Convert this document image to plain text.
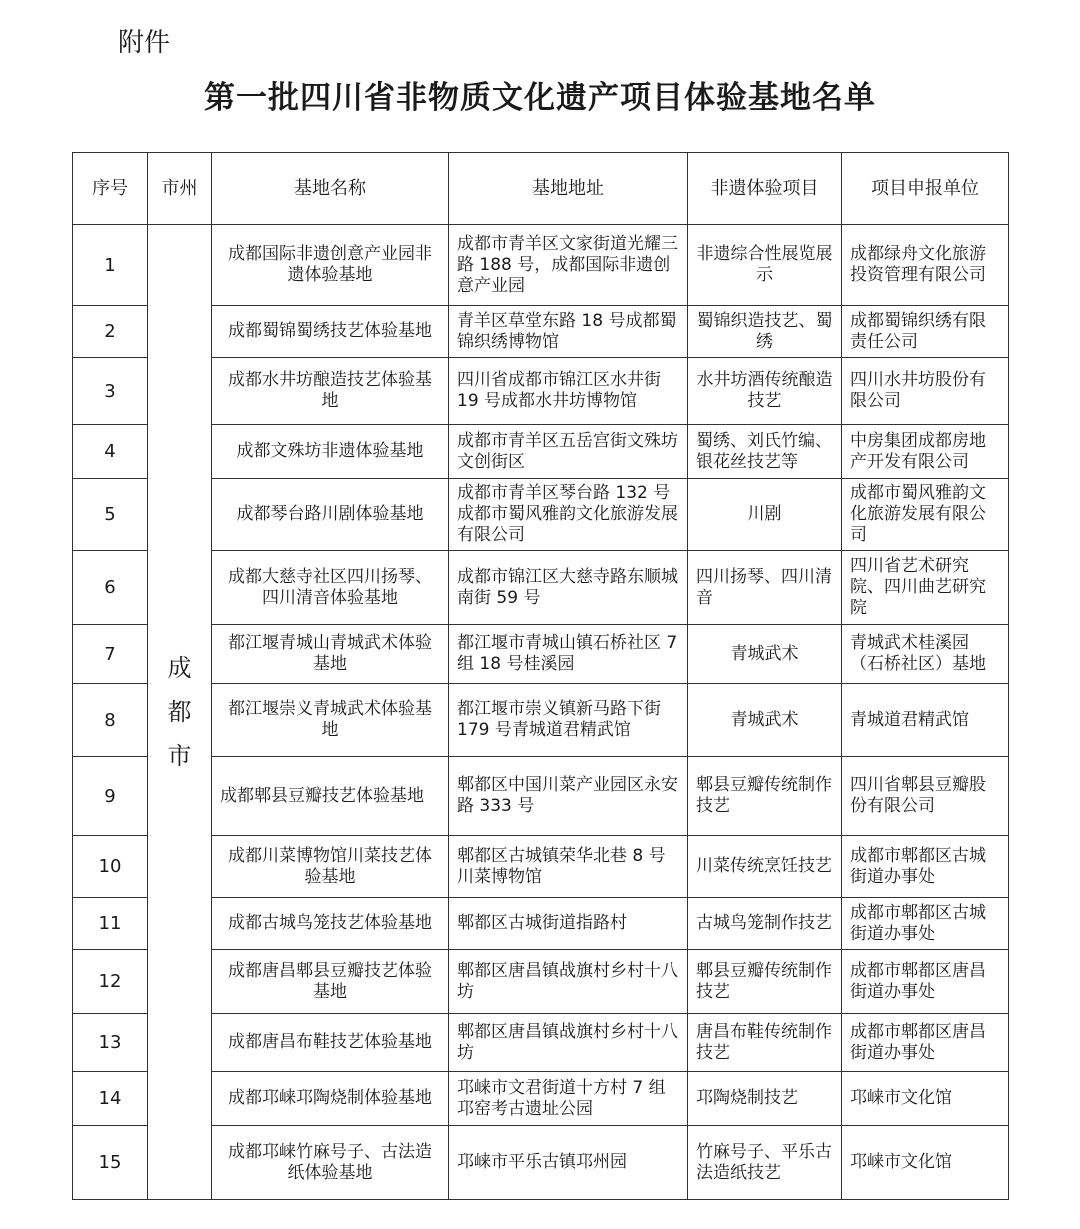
附件
第一批四川省非物质文化遗产项目体验基地名单
序号	市州	基地名称	基地地址	非遗体验项目	项目申报单位
1	成都市	成都国际非遗创意产业园非遗体验基地	成都市青羊区文家街道光耀三路 188 号，成都国际非遗创意产业园	非遗综合性展览展示	成都绿舟文化旅游投资管理有限公司
2		成都蜀锦蜀绣技艺体验基地	青羊区草堂东路 18 号成都蜀锦织绣博物馆	蜀锦织造技艺、蜀绣	成都蜀锦织绣有限责任公司
3		成都水井坊酿造技艺体验基地	四川省成都市锦江区水井街 19 号成都水井坊博物馆	水井坊酒传统酿造技艺	四川水井坊股份有限公司
4		成都文殊坊非遗体验基地	成都市青羊区五岳宫街文殊坊文创街区	蜀绣、刘氏竹编、银花丝技艺等	中房集团成都房地产开发有限公司
5		成都琴台路川剧体验基地	成都市青羊区琴台路 132 号成都市蜀风雅韵文化旅游发展有限公司	川剧	成都市蜀风雅韵文化旅游发展有限公司
6		成都大慈寺社区四川扬琴、四川清音体验基地	成都市锦江区大慈寺路东顺城南街 59 号	四川扬琴、四川清音	四川省艺术研究院、四川曲艺研究院
7		都江堰青城山青城武术体验基地	都江堰市青城山镇石桥社区 7 组 18 号桂溪园	青城武术	青城武术桂溪园（石桥社区）基地
8		都江堰崇义青城武术体验基地	都江堰市崇义镇新马路下街 179 号青城道君精武馆	青城武术	青城道君精武馆
9		成都郫县豆瓣技艺体验基地	郫都区中国川菜产业园区永安路 333 号	郫县豆瓣传统制作技艺	四川省郫县豆瓣股份有限公司
10		成都川菜博物馆川菜技艺体验基地	郫都区古城镇荣华北巷 8 号川菜博物馆	川菜传统烹饪技艺	成都市郫都区古城街道办事处
11		成都古城鸟笼技艺体验基地	郫都区古城街道指路村	古城鸟笼制作技艺	成都市郫都区古城街道办事处
12		成都唐昌郫县豆瓣技艺体验基地	郫都区唐昌镇战旗村乡村十八坊	郫县豆瓣传统制作技艺	成都市郫都区唐昌街道办事处
13		成都唐昌布鞋技艺体验基地	郫都区唐昌镇战旗村乡村十八坊	唐昌布鞋传统制作技艺	成都市郫都区唐昌街道办事处
14		成都邛崃邛陶烧制体验基地	邛崃市文君街道十方村 7 组邛窑考古遗址公园	邛陶烧制技艺	邛崃市文化馆
15		成都邛崃竹麻号子、古法造纸体验基地	邛崃市平乐古镇邛州园	竹麻号子、平乐古法造纸技艺	邛崃市文化馆
